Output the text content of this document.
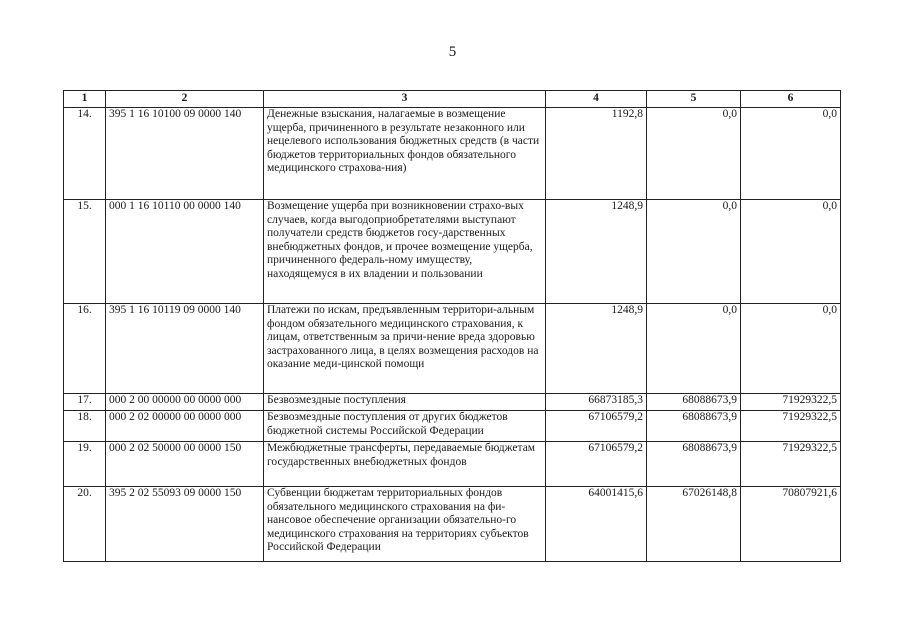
5
1	2	3	4	5	6
14.	395 1 16 10100 09 0000 140	Денежные взыскания, налагаемые в возмещение ущерба, причиненного в результате незаконного или нецелевого использования бюджетных средств (в части бюджетов территориальных фондов обязательного медицинского страхова-ния)	1192,8	0,0	0,0
15.	000 1 16 10110 00 0000 140	Возмещение ущерба при возникновении страхо-вых случаев, когда выгодоприобретателями выступают получатели средств бюджетов госу-дарственных внебюджетных фондов, и прочее возмещение ущерба, причиненного федераль-ному имуществу, находящемуся в их владении и пользовании	1248,9	0,0	0,0
16.	395 1 16 10119 09 0000 140	Платежи по искам, предъявленным территори-альным фондом обязательного медицинского страхования, к лицам, ответственным за причи-нение вреда здоровью застрахованного лица, в целях возмещения расходов на оказание меди-цинской помощи	1248,9	0,0	0,0
17.	000 2 00 00000 00 0000 000	Безвозмездные поступления	66873185,3	68088673,9	71929322,5
18.	000 2 02 00000 00 0000 000	Безвозмездные поступления от других бюджетов бюджетной системы Российской Федерации	67106579,2	68088673,9	71929322,5
19.	000 2 02 50000 00 0000 150	Межбюджетные трансферты, передаваемые бюджетам государственных внебюджетных фондов	67106579,2	68088673,9	71929322,5
20.	395 2 02 55093 09 0000 150	Субвенции бюджетам территориальных фондов обязательного медицинского страхования на фи-нансовое обеспечение организации обязательно-го медицинского страхования на территориях субъектов Российской Федерации	64001415,6	67026148,8	70807921,6
